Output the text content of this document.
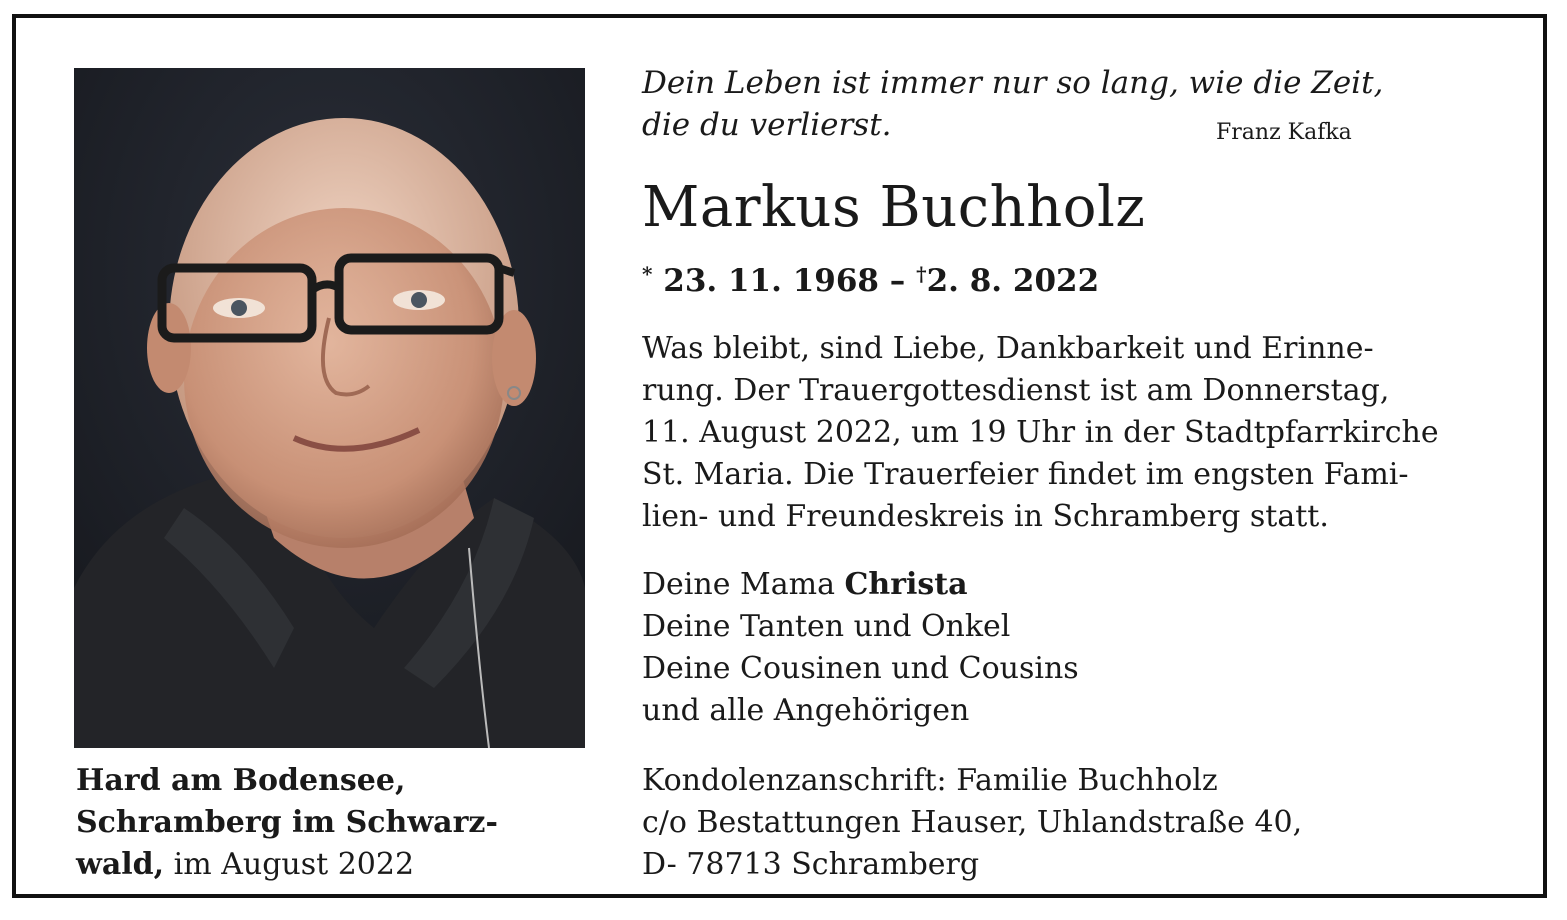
Hard am Bodensee,
Schramberg im Schwarz-
wald, im August 2022
Dein Leben ist immer nur so lang, wie die Zeit,
die du verlierst.	Franz Kafka
Markus Buchholz
* 23. 11. 1968 – †2. 8. 2022
Was bleibt, sind Liebe, Dankbarkeit und Erinne-
rung. Der Trauergottesdienst ist am Donnerstag,
11. August 2022, um 19 Uhr in der Stadtpfarrkirche
St. Maria. Die Trauerfeier findet im engsten Fami-
lien- und Freundeskreis in Schramberg statt.
Deine Mama Christa
Deine Tanten und Onkel
Deine Cousinen und Cousins
und alle Angehörigen
Kondolenzanschrift: Familie Buchholz
c/o Bestattungen Hauser, Uhlandstraße 40,
D- 78713 Schramberg
